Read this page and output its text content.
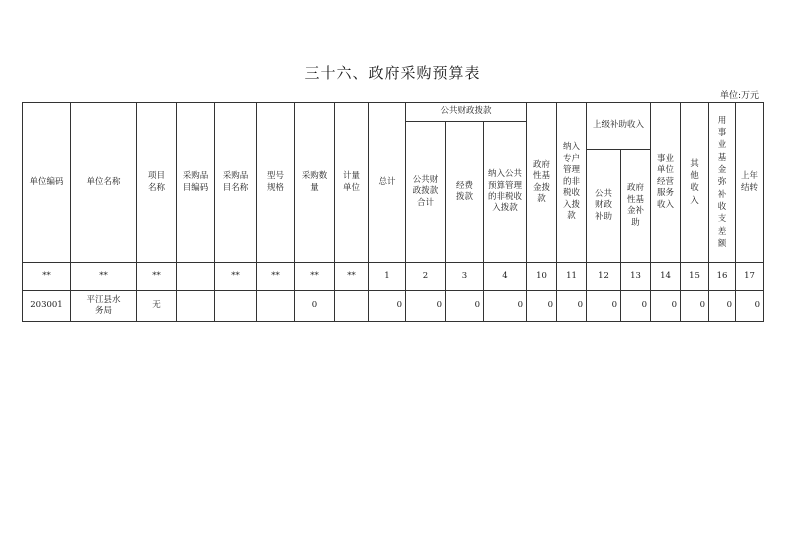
三十六、政府采购预算表
单位:万元
单位编码	单位名称	项目名称	采购品目编码	采购品目名称	型号规格	采购数量	计量单位	总计	公共财政拨款			政府性基金拨款	纳入专户管理的非税收入拨款	上级补助收入		事业单位经营服务收入	其他收入	用事业基金弥补收支差额	上年结转
									公共财政拨款合计	经费拨款	纳入公共预算管理的非税收入拨款								
														公共财政补助	政府性基金补助				
**	**	**		**	**	**	**	1	2	3	4	10	11	12	13	14	15	16	17
203001	平江县水务局	无				0		0	0	0	0	0	0	0	0	0	0	0	0
